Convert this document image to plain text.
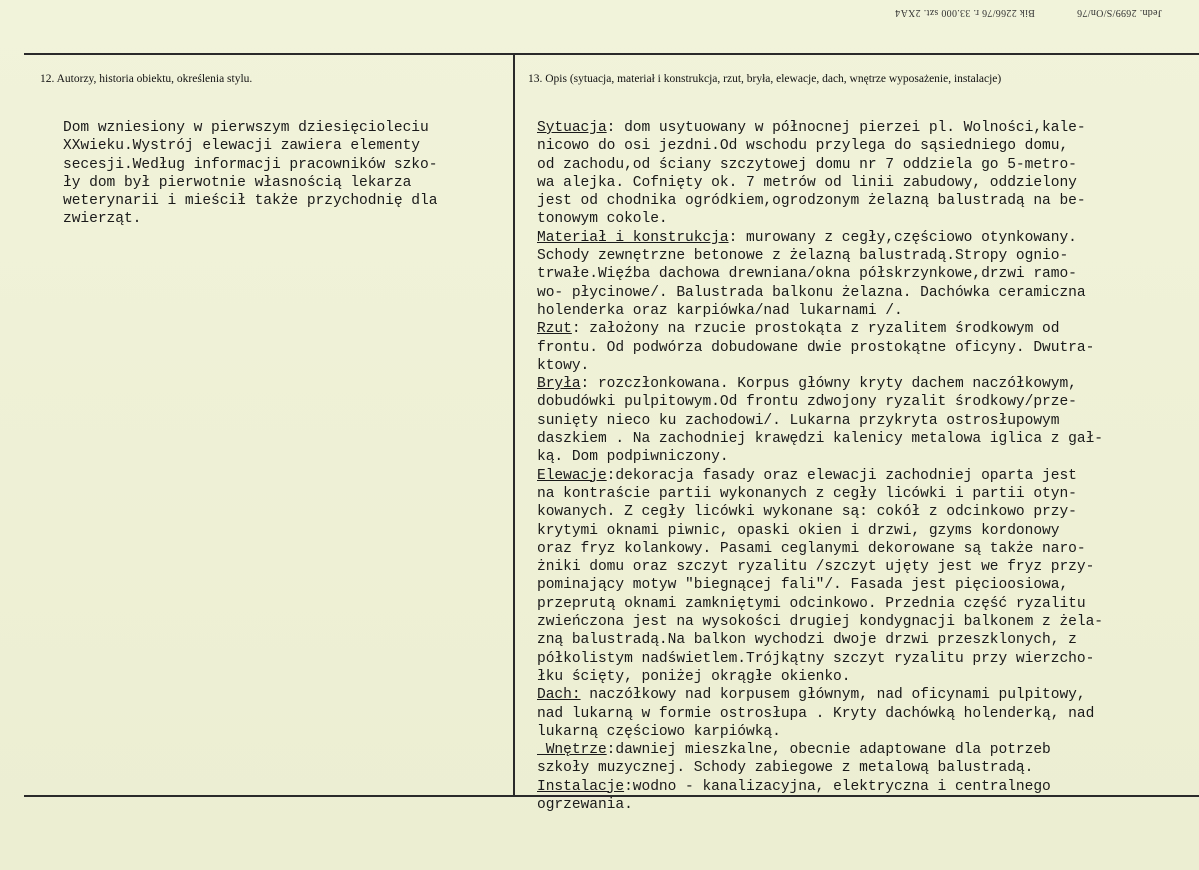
Jedn. 2699/S/On/76Bik 2266/76 r. 33.000 szt. 2XA4
12. Autorzy, historia obiektu, określenia stylu.	13. Opis (sytuacja, materiał i konstrukcja, rzut, bryła, elewacje, dach, wnętrze wyposażenie, instalacje)
Dom wzniesiony w pierwszym dziesięcioleciu
XXwieku.Wystrój elewacji zawiera elementy
secesji.Według informacji pracowników szko-
ły dom był pierwotnie własnością lekarza
weterynarii i mieścił także przychodnię dla
zwierząt.
Sytuacja: dom usytuowany w północnej pierzei pl. Wolności,kale-
nicowo do osi jezdni.Od wschodu przylega do sąsiedniego domu,
od zachodu,od ściany szczytowej domu nr 7 oddziela go 5-metro-
wa alejka. Cofnięty ok. 7 metrów od linii zabudowy, oddzielony
jest od chodnika ogródkiem,ogrodzonym żelazną balustradą na be-
tonowym cokole.
Materiał i konstrukcja: murowany z cegły,częściowo otynkowany.
Schody zewnętrzne betonowe z żelazną balustradą.Stropy ognio-
trwałe.Więźba dachowa drewniana/okna półskrzynkowe,drzwi ramo-
wo- płycinowe/. Balustrada balkonu żelazna. Dachówka ceramiczna
holenderka oraz karpiówka/nad lukarnami /.
Rzut: założony na rzucie prostokąta z ryzalitem środkowym od
frontu. Od podwórza dobudowane dwie prostokątne oficyny. Dwutra-
ktowy.
Bryła: rozczłonkowana. Korpus główny kryty dachem naczółkowym,
dobudówki pulpitowym.Od frontu zdwojony ryzalit środkowy/prze-
sunięty nieco ku zachodowi/. Lukarna przykryta ostrosłupowym
daszkiem . Na zachodniej krawędzi kalenicy metalowa iglica z gał-
ką. Dom podpiwniczony.
Elewacje:dekoracja fasady oraz elewacji zachodniej oparta jest
na kontraście partii wykonanych z cegły licówki i partii otyn-
kowanych. Z cegły licówki wykonane są: cokół z odcinkowo przy-
krytymi oknami piwnic, opaski okien i drzwi, gzyms kordonowy
oraz fryz kolankowy. Pasami ceglanymi dekorowane są także naro-
żniki domu oraz szczyt ryzalitu /szczyt ujęty jest we fryz przy-
pominający motyw "biegnącej fali"/. Fasada jest pięcioosiowa,
przeprutą oknami zamkniętymi odcinkowo. Przednia część ryzalitu
zwieńczona jest na wysokości drugiej kondygnacji balkonem z żela-
zną balustradą.Na balkon wychodzi dwoje drzwi przeszklonych, z
półkolistym nadświetlem.Trójkątny szczyt ryzalitu przy wierzcho-
łku ścięty, poniżej okrągłe okienko.
Dach: naczółkowy nad korpusem głównym, nad oficynami pulpitowy,
nad lukarną w formie ostrosłupa . Kryty dachówką holenderką, nad
lukarną częściowo karpiówką.
Wnętrze:dawniej mieszkalne, obecnie adaptowane dla potrzeb
szkoły muzycznej. Schody zabiegowe z metalową balustradą.
Instalacje:wodno - kanalizacyjna, elektryczna i centralnego
ogrzewania.
